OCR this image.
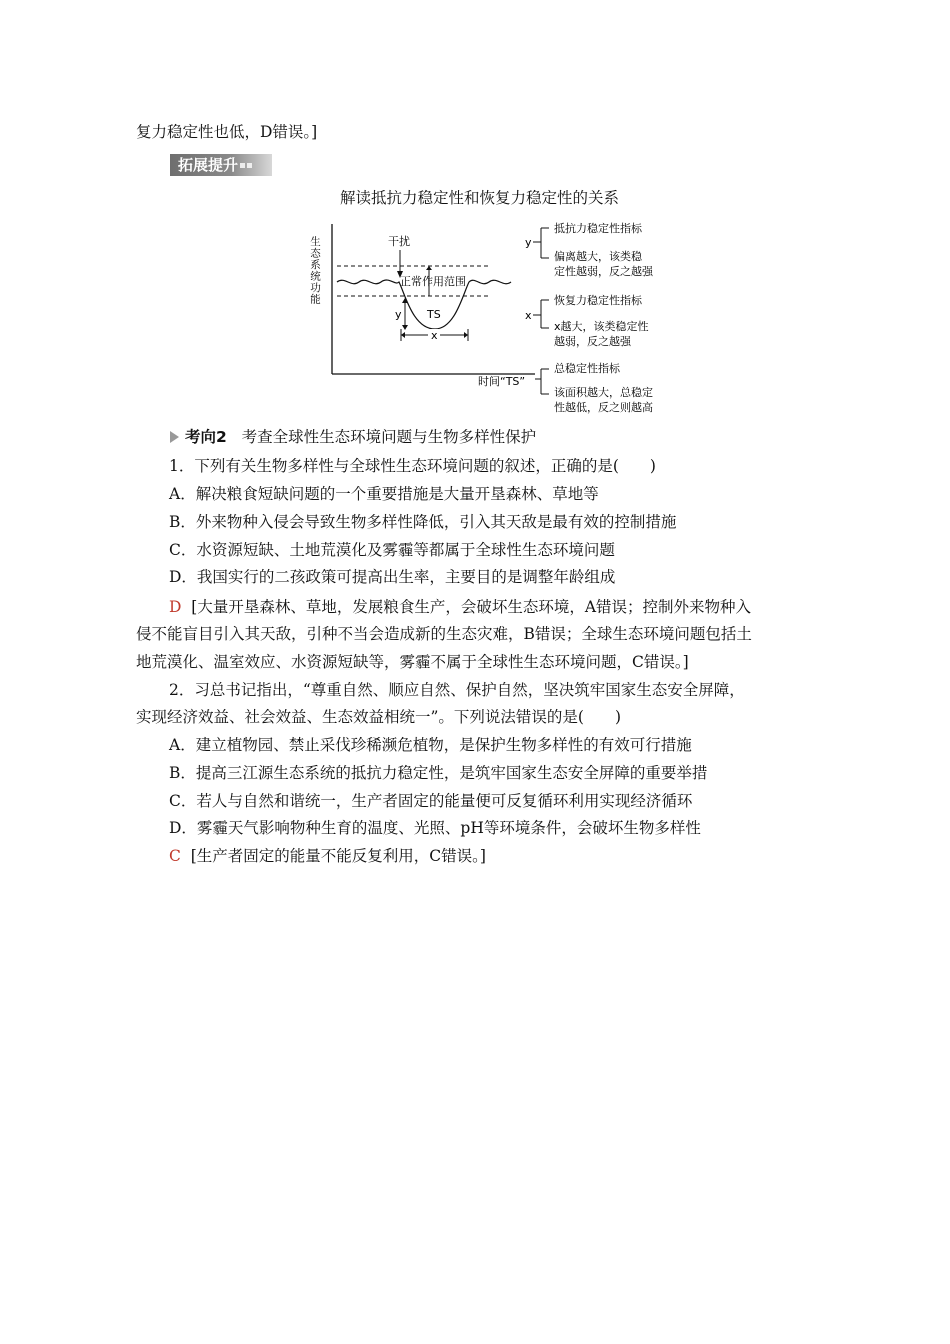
复力稳定性也低，D错误。]
拓展提升
解读抵抗力稳定性和恢复力稳定性的关系
生态系统功能	干扰
正常作用范围
y TS
x
时间“TS”
y
抵抗力稳定性指标
偏离越大，该类稳
定性越弱，反之越强
x
恢复力稳定性指标
x越大，该类稳定性
越弱，反之越强
总稳定性指标
该面积越大，总稳定
性越低，反之则越高
考向2 考查全球性生态环境问题与生物多样性保护
1．下列有关生物多样性与全球性生态环境问题的叙述，正确的是(　　)
A．解决粮食短缺问题的一个重要措施是大量开垦森林、草地等
B．外来物种入侵会导致生物多样性降低，引入其天敌是最有效的控制措施
C．水资源短缺、土地荒漠化及雾霾等都属于全球性生态环境问题
D．我国实行的二孩政策可提高出生率，主要目的是调整年龄组成
D [大量开垦森林、草地，发展粮食生产，会破坏生态环境，A错误；控制外来物种入
侵不能盲目引入其天敌，引种不当会造成新的生态灾难，B错误；全球生态环境问题包括土
地荒漠化、温室效应、水资源短缺等，雾霾不属于全球性生态环境问题，C错误。]
2．习总书记指出，“尊重自然、顺应自然、保护自然，坚决筑牢国家生态安全屏障，
实现经济效益、社会效益、生态效益相统一”。下列说法错误的是(　　)
A．建立植物园、禁止采伐珍稀濒危植物，是保护生物多样性的有效可行措施
B．提高三江源生态系统的抵抗力稳定性，是筑牢国家生态安全屏障的重要举措
C．若人与自然和谐统一，生产者固定的能量便可反复循环利用实现经济循环
D．雾霾天气影响物种生育的温度、光照、pH等环境条件，会破坏生物多样性
C [生产者固定的能量不能反复利用，C错误。]
